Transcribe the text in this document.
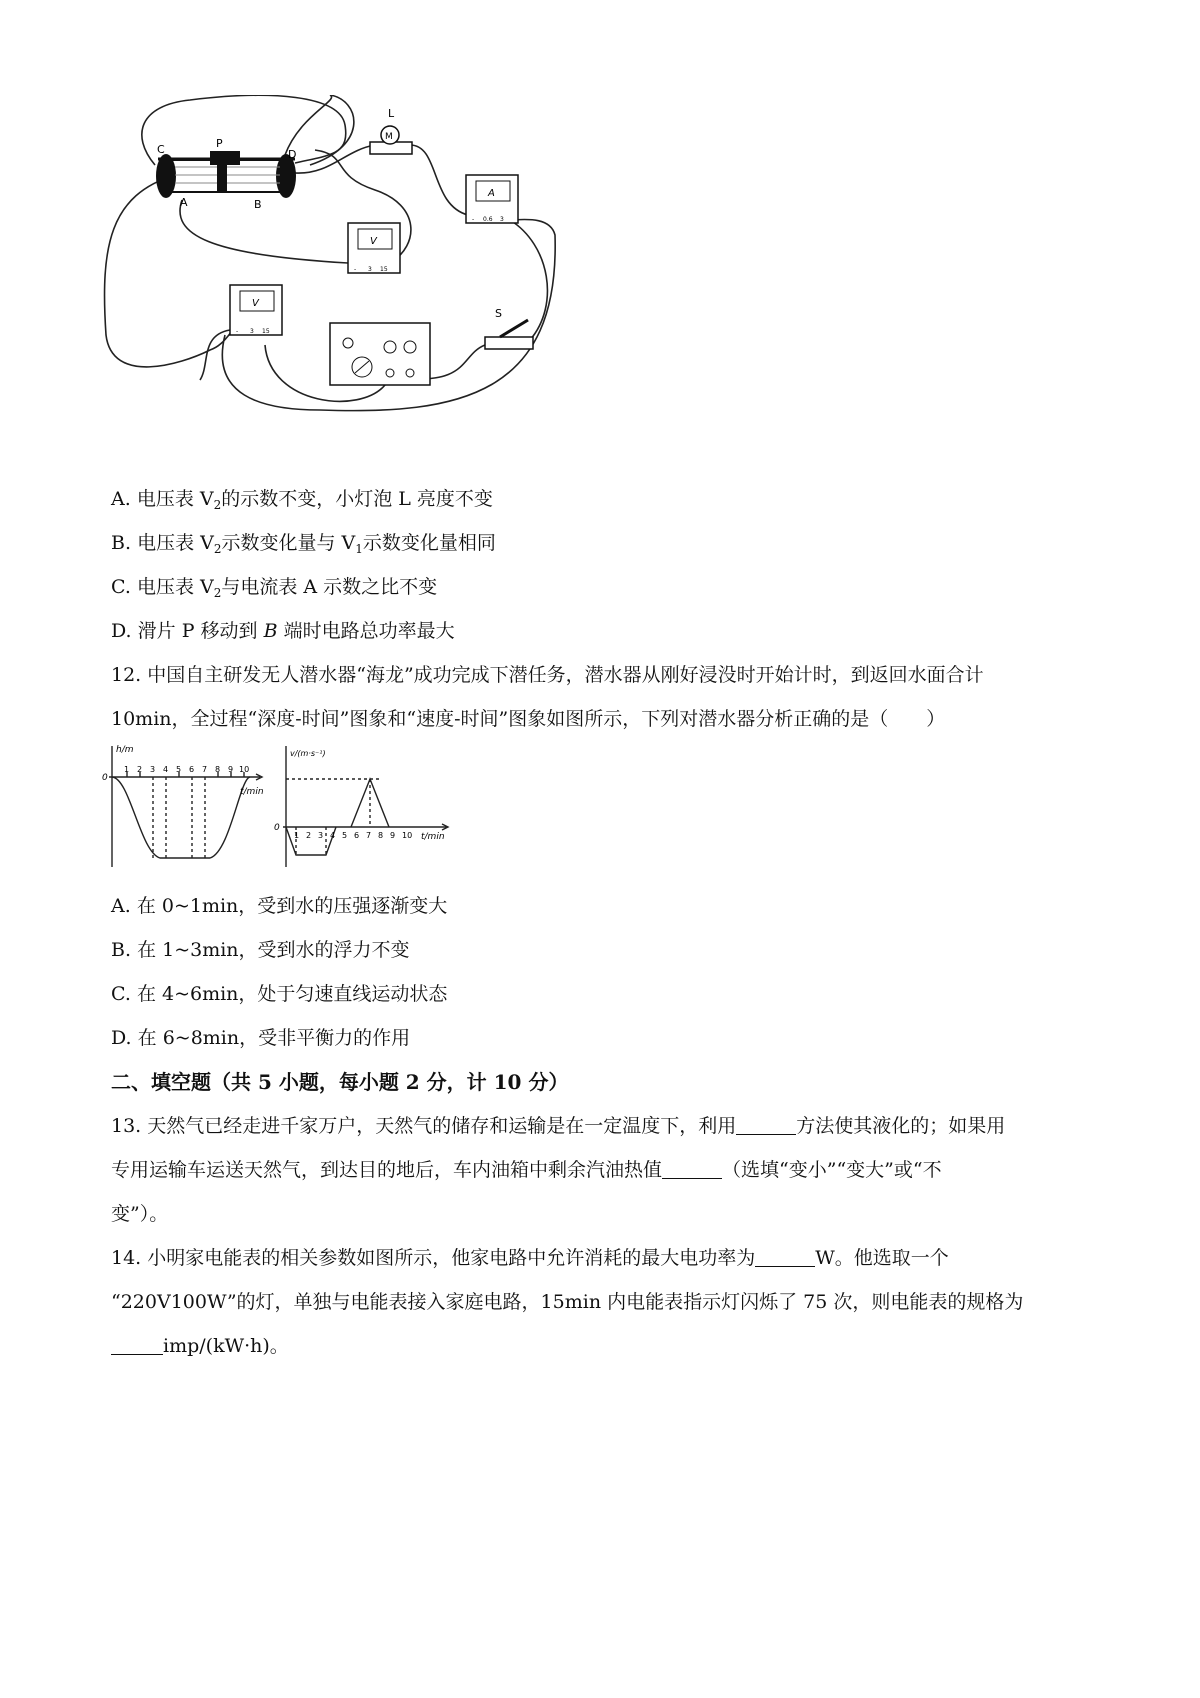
P
C	D
A	B
L
M
A
- 0.6 3
V
- 3 15
V
- 3 15
S
A. 电压表 $V_2$的示数不变，小灯泡 L 亮度不变
B. 电压表 $V_2$示数变化量与 $V_1$示数变化量相同
C. 电压表 $V_2$与电流表 A 示数之比不变
D. 滑片 P 移动到 B 端时电路总功率最大
12. 中国自主研发无人潜水器“海龙”成功完成下潜任务，潜水器从刚好浸没时开始计时，到返回水面合计
10min，全过程“深度-时间”图象和“速度-时间”图象如图所示，下列对潜水器分析正确的是（　　）
h/m
0
t/min
1 2 3 4 5 6 7 8 9 10
v/(m·s⁻¹)
0
t/min
1 2 3 4 5 6 7 8 9 10
A. 在 0~1min，受到水的压强逐渐变大
B. 在 1~3min，受到水的浮力不变
C. 在 4~6min，处于匀速直线运动状态
D. 在 6~8min，受非平衡力的作用
二、填空题（共 5 小题，每小题 2 分，计 10 分）
13. 天然气已经走进千家万户，天然气的储存和运输是在一定温度下，利用	方法使其液化的；如果用
专用运输车运送天然气，到达目的地后，车内油箱中剩余汽油热值	（选填“变小”“变大”或“不
变”）。
14. 小明家电能表的相关参数如图所示，他家电路中允许消耗的最大电功率为	W。他选取一个
“220V100W”的灯，单独与电能表接入家庭电路，15min 内电能表指示灯闪烁了 75 次，则电能表的规格为
imp/(kW·h)。
